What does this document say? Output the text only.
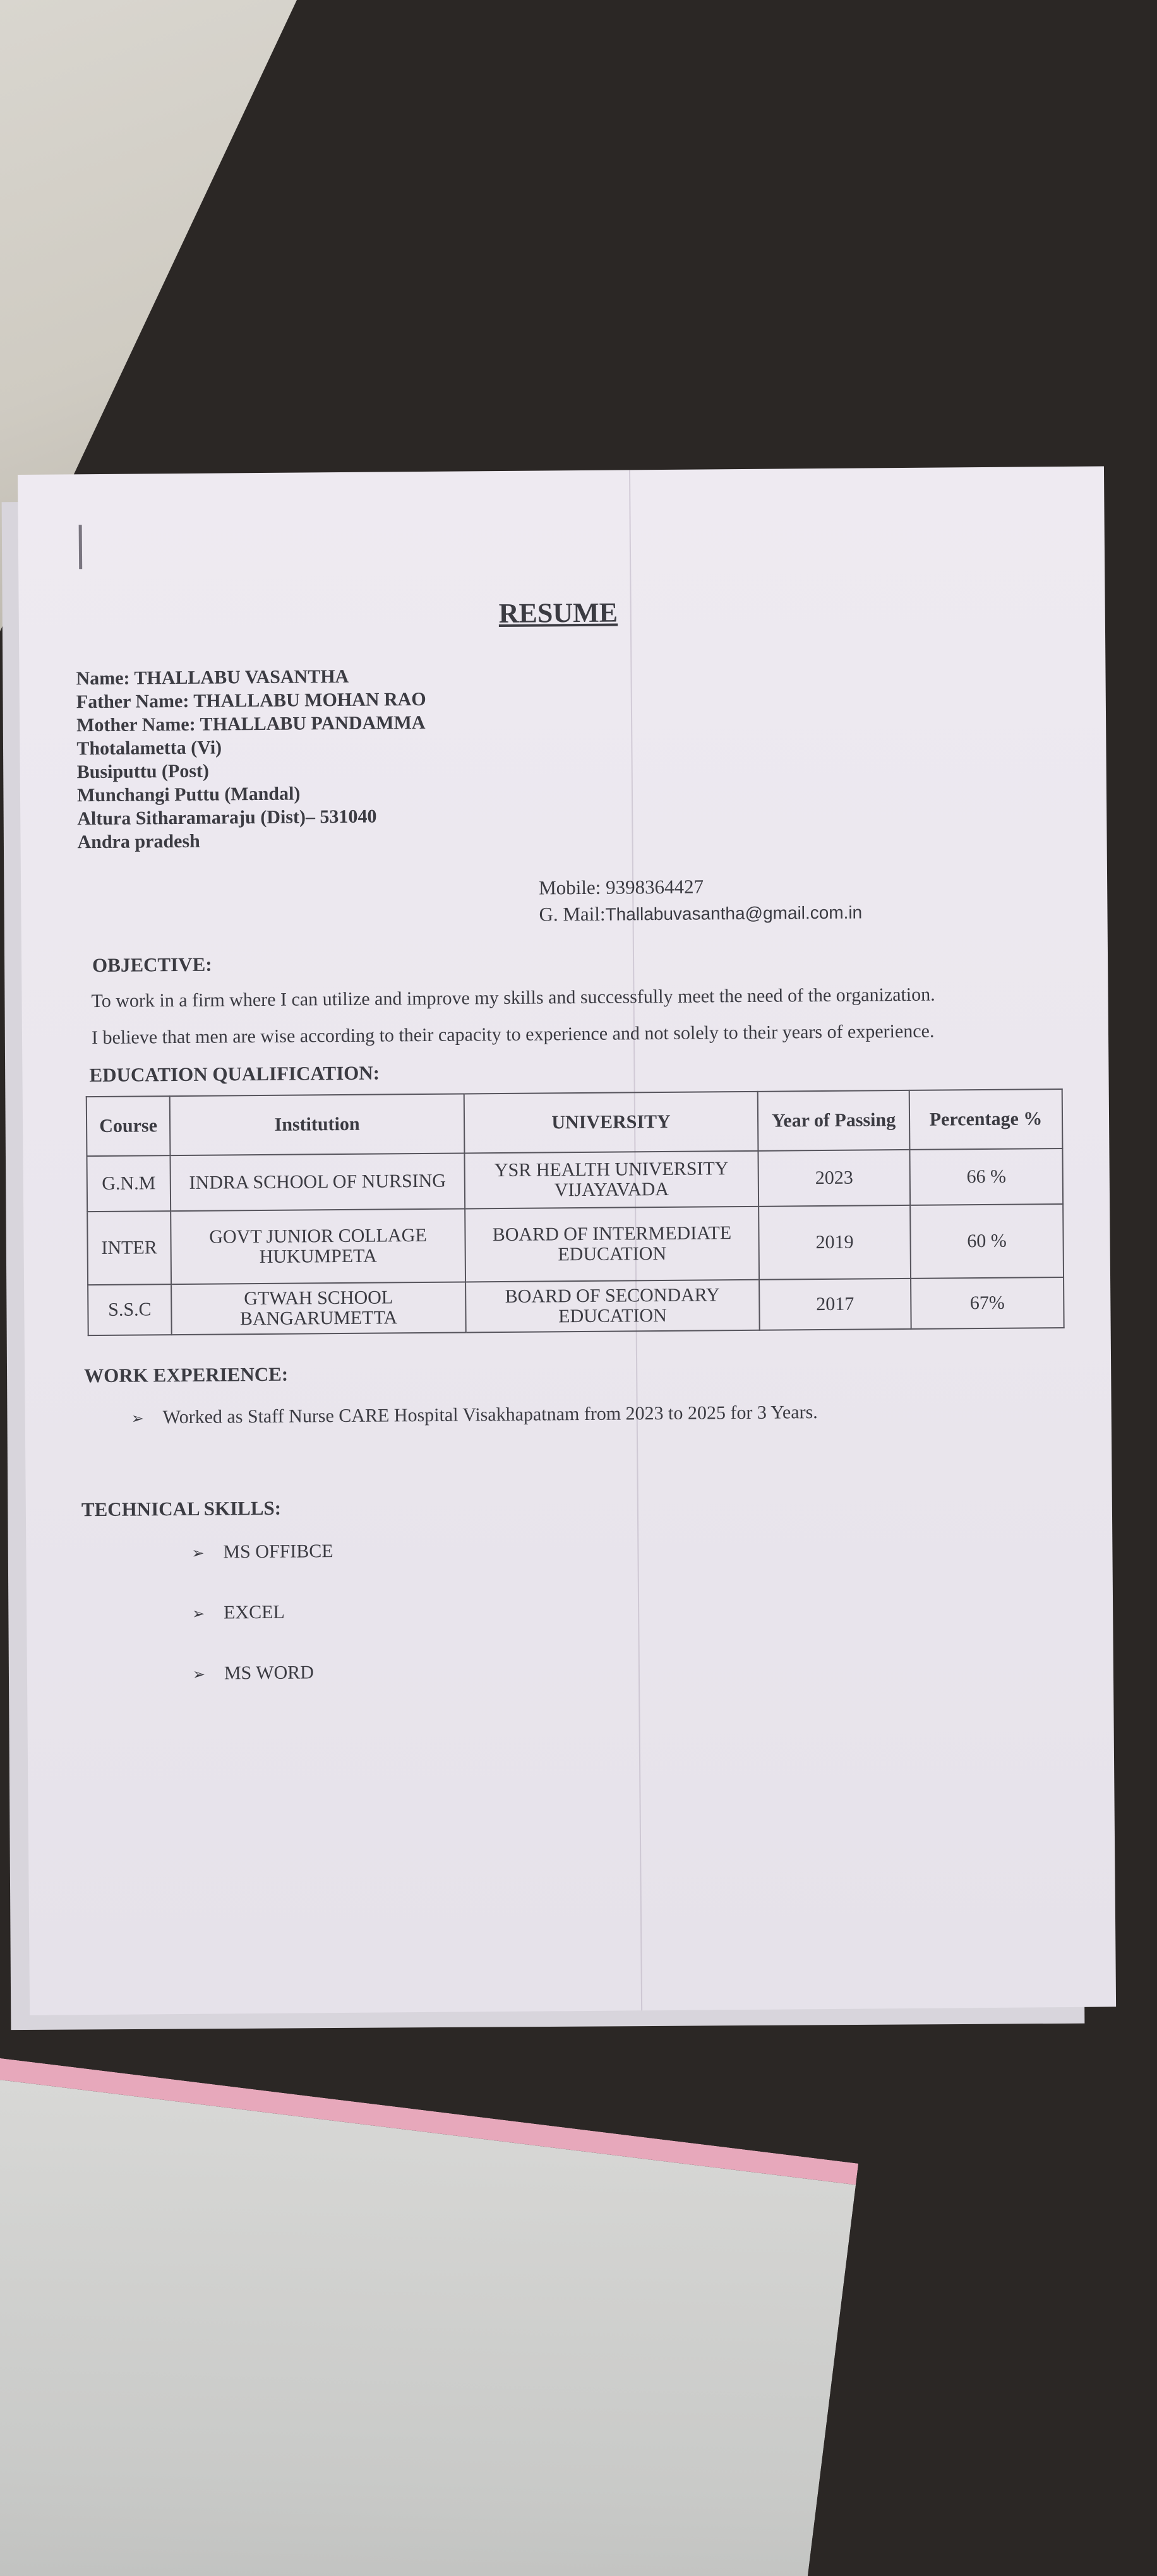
RESUME
Name: THALLABU VASANTHA
Father Name: THALLABU MOHAN RAO
Mother Name: THALLABU PANDAMMA
Thotalametta (Vi)
Busiputtu (Post)
Munchangi Puttu (Mandal)
Altura Sitharamaraju (Dist)– 531040
Andra pradesh
Mobile: 9398364427
G. Mail:Thallabuvasantha@gmail.com.in
OBJECTIVE:
To work in a firm where I can utilize and improve my skills and successfully meet the need of the organization.
I believe that men are wise according to their capacity to experience and not solely to their years of experience.
EDUCATION QUALIFICATION:
Course	Institution	UNIVERSITY	Year of Passing	Percentage %
G.N.M	INDRA SCHOOL OF NURSING	YSR HEALTH UNIVERSITY VIJAYAVADA	2023	66 %
INTER	GOVT JUNIOR COLLAGE HUKUMPETA	BOARD OF INTERMEDIATE EDUCATION	2019	60 %
S.S.C	GTWAH SCHOOL BANGARUMETTA	BOARD OF SECONDARY EDUCATION	2017	67%
WORK EXPERIENCE:
➢ Worked as Staff Nurse CARE Hospital Visakhapatnam from 2023 to 2025 for 3 Years.
TECHNICAL SKILLS:
➢ MS OFFIBCE
➢ EXCEL
➢ MS WORD
